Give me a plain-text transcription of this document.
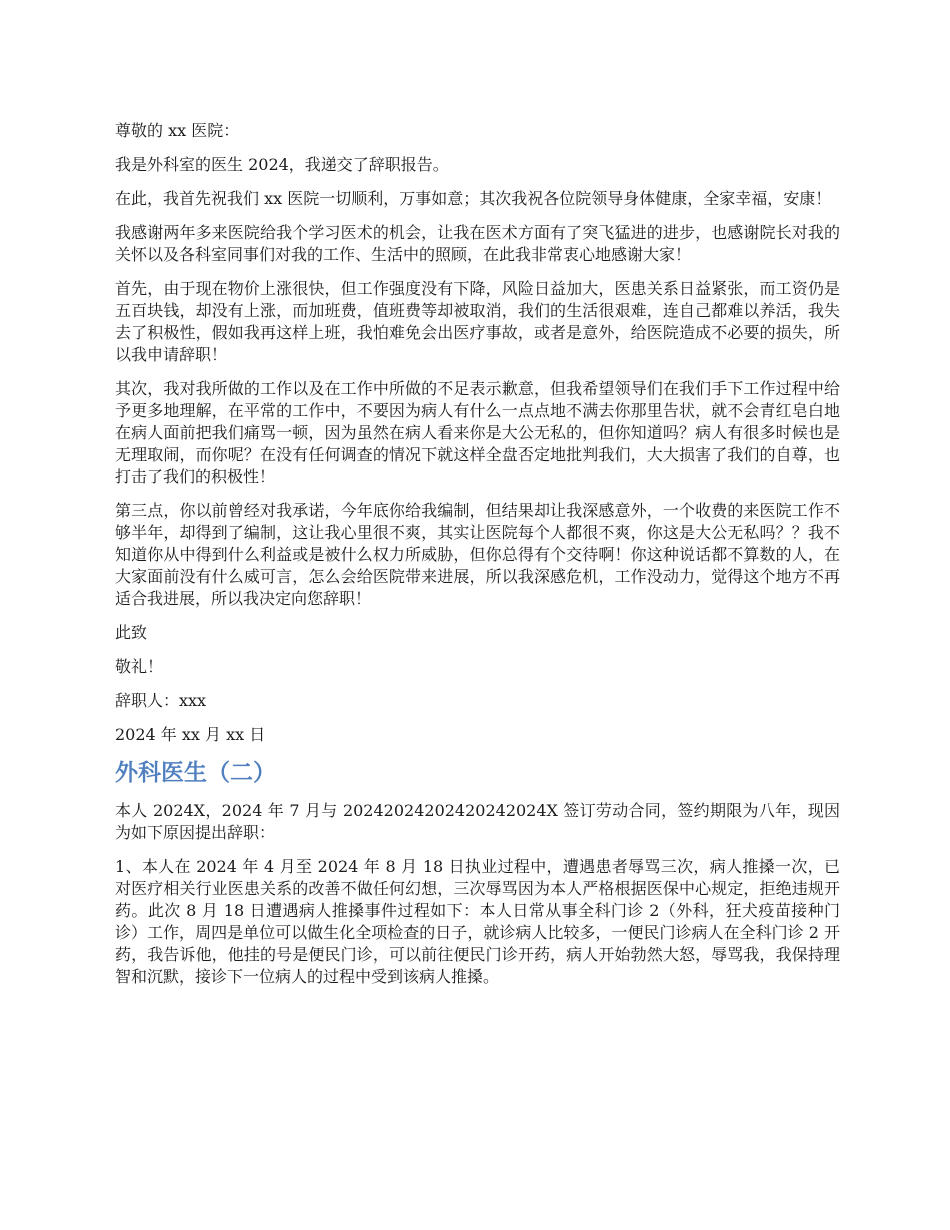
尊敬的 xx 医院：

我是外科室的医生 2024，我递交了辞职报告。

在此，我首先祝我们 xx 医院一切顺利，万事如意；其次我祝各位院领导身体健康，全家幸福，安康！

我感谢两年多来医院给我个学习医术的机会，让我在医术方面有了突飞猛进的进步，也感谢院长对我的关怀以及各科室同事们对我的工作、生活中的照顾，在此我非常衷心地感谢大家！

首先，由于现在物价上涨很快，但工作强度没有下降，风险日益加大，医患关系日益紧张，而工资仍是五百块钱，却没有上涨，而加班费，值班费等却被取消，我们的生活很艰难，连自己都难以养活，我失去了积极性，假如我再这样上班，我怕难免会出医疗事故，或者是意外，给医院造成不必要的损失，所以我申请辞职！

其次，我对我所做的工作以及在工作中所做的不足表示歉意，但我希望领导们在我们手下工作过程中给予更多地理解，在平常的工作中，不要因为病人有什么一点点地不满去你那里告状，就不会青红皂白地在病人面前把我们痛骂一顿，因为虽然在病人看来你是大公无私的，但你知道吗？病人有很多时候也是无理取闹，而你呢？在没有任何调查的情况下就这样全盘否定地批判我们，大大损害了我们的自尊，也打击了我们的积极性！

第三点，你以前曾经对我承诺，今年底你给我编制，但结果却让我深感意外，一个收费的来医院工作不够半年，却得到了编制，这让我心里很不爽，其实让医院每个人都很不爽，你这是大公无私吗？？我不知道你从中得到什么利益或是被什么权力所威胁，但你总得有个交待啊！你这种说话都不算数的人，在大家面前没有什么威可言，怎么会给医院带来进展，所以我深感危机，工作没动力，觉得这个地方不再适合我进展，所以我决定向您辞职！

此致

敬礼！

辞职人：xxx

2024 年 xx 月 xx 日

外科医生（二）

本人 2024X，2024 年 7 月与 20242024202420242024X 签订劳动合同，签约期限为八年，现因为如下原因提出辞职：

1、本人在 2024 年 4 月至 2024 年 8 月 18 日执业过程中，遭遇患者辱骂三次，病人推搡一次，已对医疗相关行业医患关系的改善不做任何幻想，三次辱骂因为本人严格根据医保中心规定，拒绝违规开药。此次 8 月 18 日遭遇病人推搡事件过程如下：本人日常从事全科门诊 2（外科，狂犬疫苗接种门诊）工作，周四是单位可以做生化全项检查的日子，就诊病人比较多，一便民门诊病人在全科门诊 2 开药，我告诉他，他挂的号是便民门诊，可以前往便民门诊开药，病人开始勃然大怒，辱骂我，我保持理智和沉默，接诊下一位病人的过程中受到该病人推搡。
